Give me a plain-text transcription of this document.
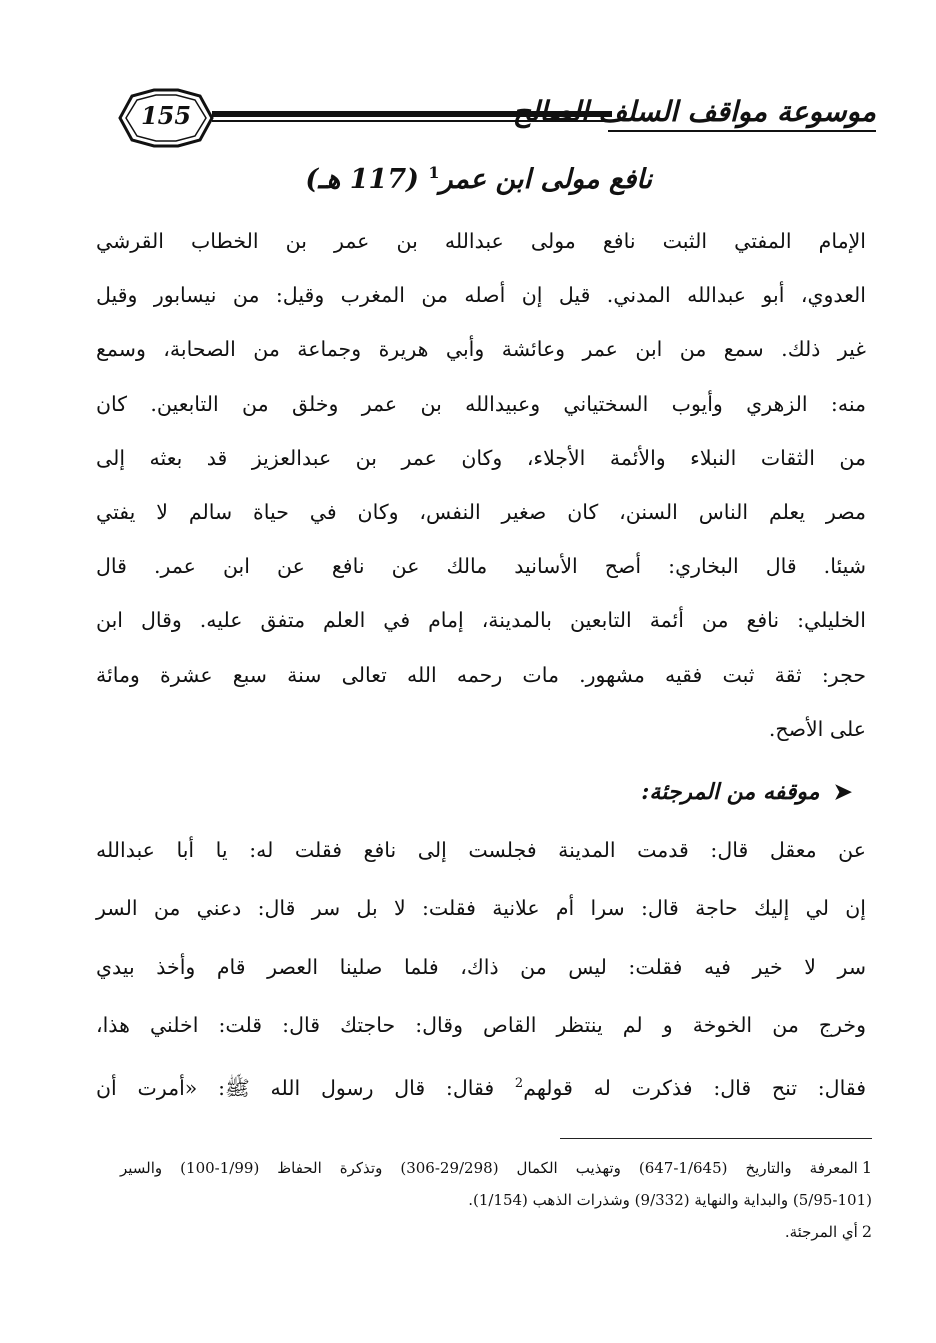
155	موسوعة مواقف السلف الصالح
نافع مولى ابن عمر$^1$ (117 هـ)
الإمام المفتي الثبت نافع مولى عبدالله بن عمر بن الخطاب القرشي
العدوي، أبو عبدالله المدني. قيل إن أصله من المغرب وقيل: من نيسابور وقيل
غير ذلك. سمع من ابن عمر وعائشة وأبي هريرة وجماعة من الصحابة، وسمع
منه: الزهري وأيوب السختياني وعبيدالله بن عمر وخلق من التابعين. كان
من الثقات النبلاء والأئمة الأجلاء، وكان عمر بن عبدالعزيز قد بعثه إلى
مصر يعلم الناس السنن، كان صغير النفس، وكان في حياة سالم لا يفتي
شيئا. قال البخاري: أصح الأسانيد مالك عن نافع عن ابن عمر. قال
الخليلي: نافع من أئمة التابعين بالمدينة، إمام في العلم متفق عليه. وقال ابن
حجر: ثقة ثبت فقيه مشهور. مات رحمه الله تعالى سنة سبع عشرة ومائة
على الأصح.
➤موقفه من المرجئة:
عن معقل قال: قدمت المدينة فجلست إلى نافع فقلت له: يا أبا عبدالله
إن لي إليك حاجة قال: سرا أم علانية فقلت: لا بل سر قال: دعني من السر
سر لا خير فيه فقلت: ليس من ذاك، فلما صلينا العصر قام وأخذ بيدي
وخرج من الخوخة و لم ينتظر القاص وقال: حاجتك قال: قلت: اخلني هذا،
فقال: تنح قال: فذكرت له قولهم$^2$ فقال: قال رسول الله ﷺ: «أمرت أن
1المعرفة والتاريخ (1/645-647) وتهذيب الكمال (29/298-306) وتذكرة الحفاظ (1/99-100) والسير
(5/95-101) والبداية والنهاية (9/332) وشذرات الذهب (1/154).
2أي المرجئة.
